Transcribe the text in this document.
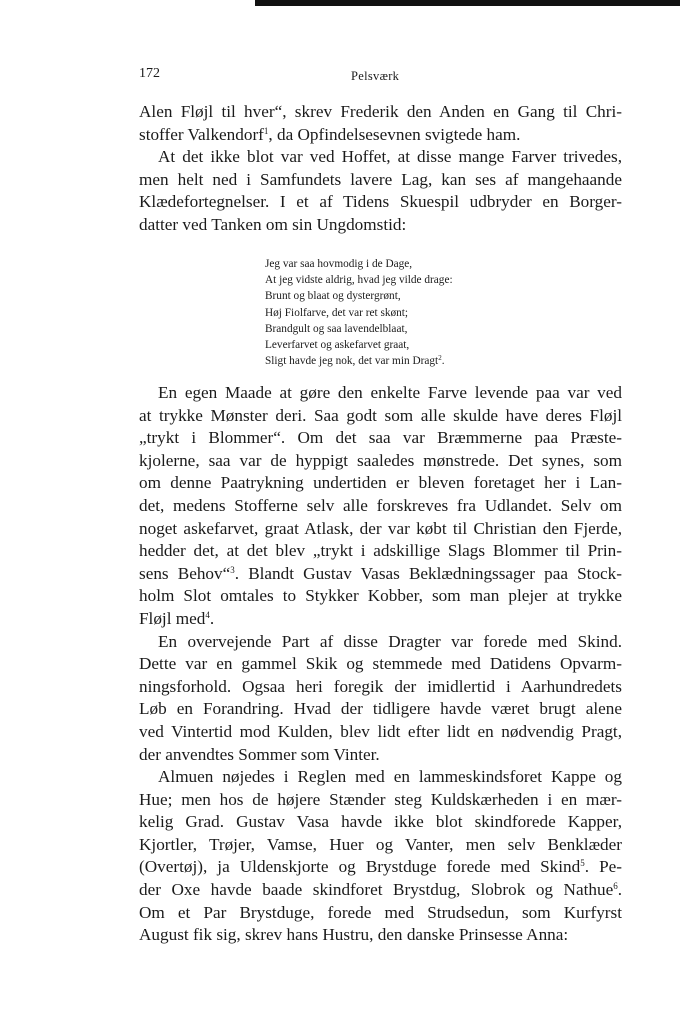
172	Pelsværk
Alen Fløjl til hver“, skrev Frederik den Anden en Gang til Chri-
stoffer Valkendorf$^1$, da Opfindelsesevnen svigtede ham.
At det ikke blot var ved Hoffet, at disse mange Farver trivedes,
men helt ned i Samfundets lavere Lag, kan ses af mangehaande
Klædefortegnelser. I et af Tidens Skuespil udbryder en Borger-
datter ved Tanken om sin Ungdomstid:
Jeg var saa hovmodig i de Dage,
At jeg vidste aldrig, hvad jeg vilde drage:
Brunt og blaat og dystergrønt,
Høj Fiolfarve, det var ret skønt;
Brandgult og saa lavendelblaat,
Leverfarvet og askefarvet graat,
Sligt havde jeg nok, det var min Dragt$^2$.
En egen Maade at gøre den enkelte Farve levende paa var ved
at trykke Mønster deri. Saa godt som alle skulde have deres Fløjl
„trykt i Blommer“. Om det saa var Bræmmerne paa Præste-
kjolerne, saa var de hyppigt saaledes mønstrede. Det synes, som
om denne Paatrykning undertiden er bleven foretaget her i Lan-
det, medens Stofferne selv alle forskreves fra Udlandet. Selv om
noget askefarvet, graat Atlask, der var købt til Christian den Fjerde,
hedder det, at det blev „trykt i adskillige Slags Blommer til Prin-
sens Behov“$^3$. Blandt Gustav Vasas Beklædningssager paa Stock-
holm Slot omtales to Stykker Kobber, som man plejer at trykke
Fløjl med$^4$.
En overvejende Part af disse Dragter var forede med Skind.
Dette var en gammel Skik og stemmede med Datidens Opvarm-
ningsforhold. Ogsaa heri foregik der imidlertid i Aarhundredets
Løb en Forandring. Hvad der tidligere havde været brugt alene
ved Vintertid mod Kulden, blev lidt efter lidt en nødvendig Pragt,
der anvendtes Sommer som Vinter.
Almuen nøjedes i Reglen med en lammeskindsforet Kappe og
Hue; men hos de højere Stænder steg Kuldskærheden i en mær-
kelig Grad. Gustav Vasa havde ikke blot skindforede Kapper,
Kjortler, Trøjer, Vamse, Huer og Vanter, men selv Benklæder
(Overtøj), ja Uldenskjorte og Brystduge forede med Skind$^5$. Pe-
der Oxe havde baade skindforet Brystdug, Slobrok og Nathue$^6$.
Om et Par Brystduge, forede med Strudsedun, som Kurfyrst
August fik sig, skrev hans Hustru, den danske Prinsesse Anna:
